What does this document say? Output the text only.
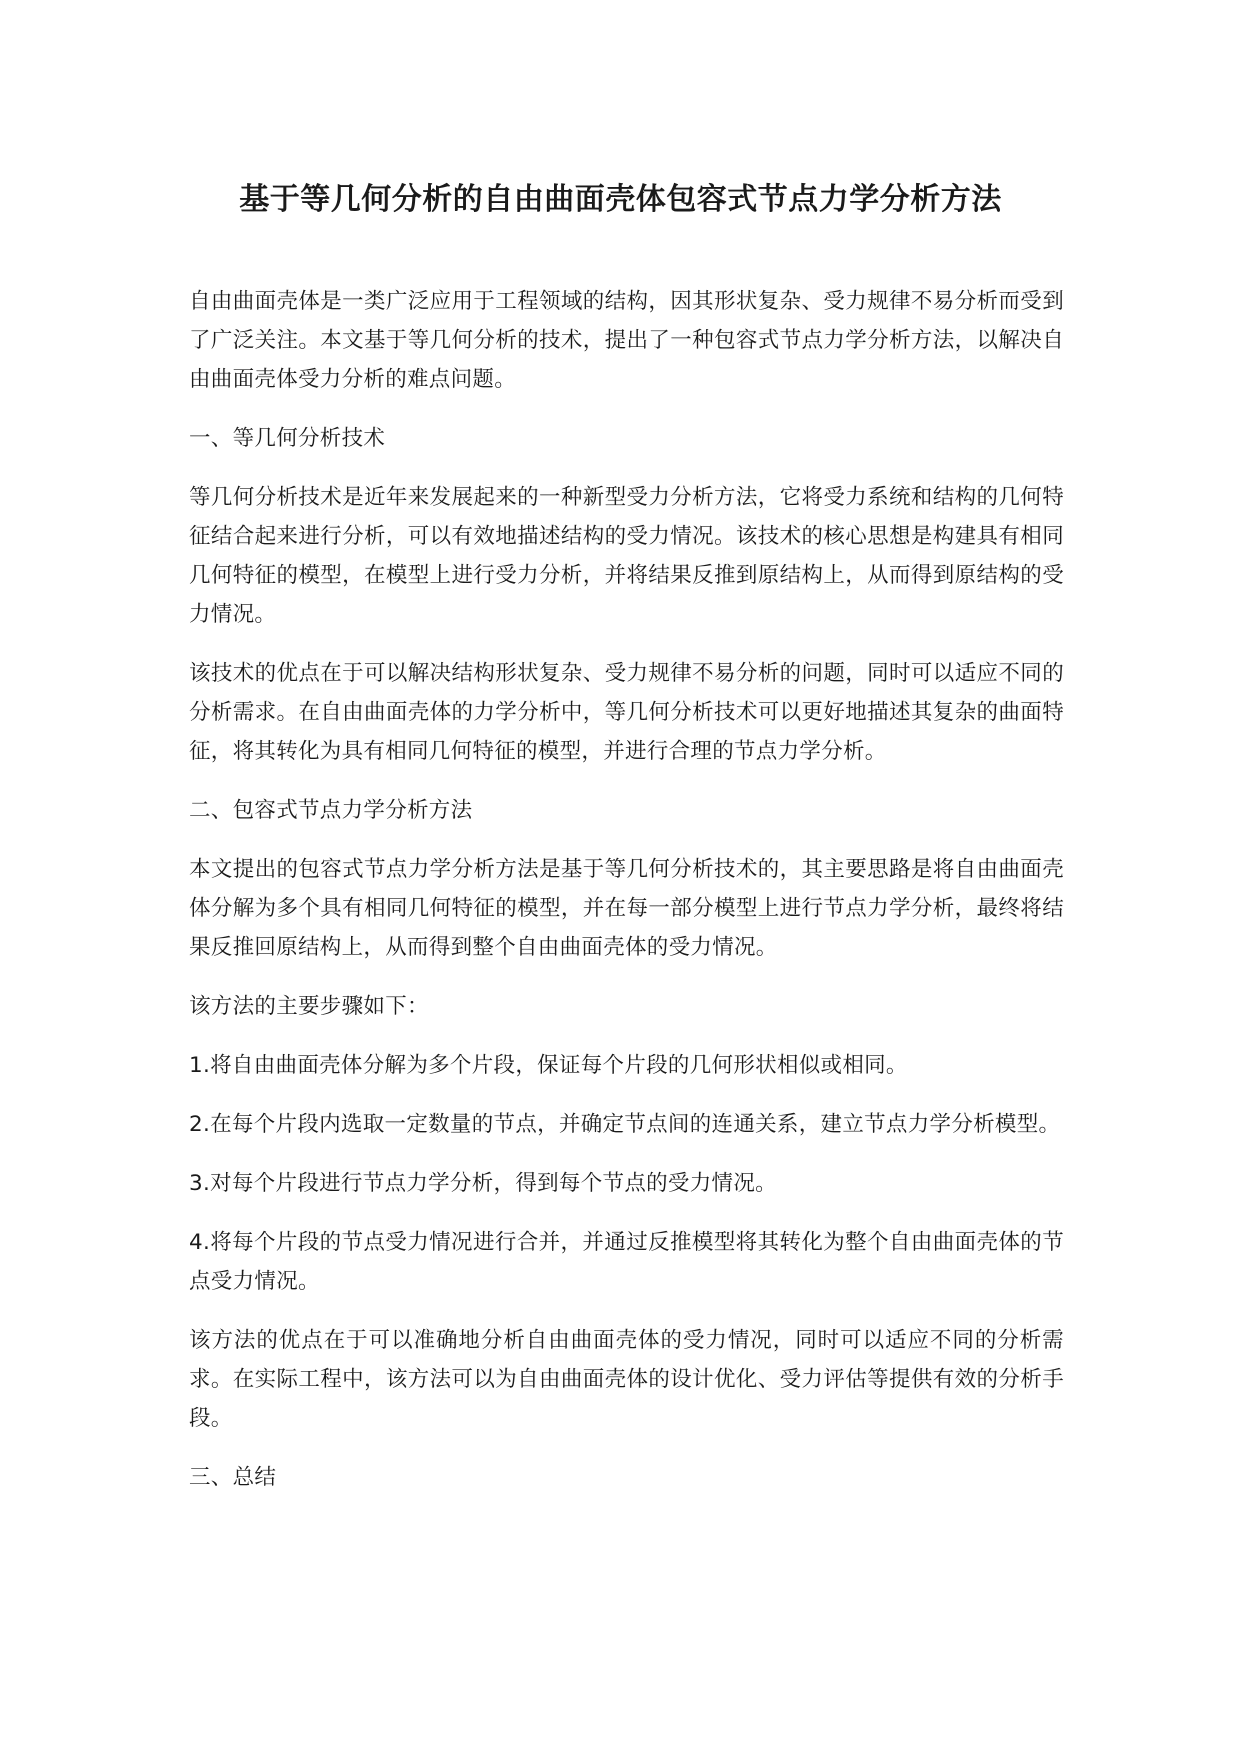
基于等几何分析的自由曲面壳体包容式节点力学分析方法

自由曲面壳体是一类广泛应用于工程领域的结构，因其形状复杂、受力规律不易分析而受到了广泛关注。本文基于等几何分析的技术，提出了一种包容式节点力学分析方法，以解决自由曲面壳体受力分析的难点问题。

一、等几何分析技术

等几何分析技术是近年来发展起来的一种新型受力分析方法，它将受力系统和结构的几何特征结合起来进行分析，可以有效地描述结构的受力情况。该技术的核心思想是构建具有相同几何特征的模型，在模型上进行受力分析，并将结果反推到原结构上，从而得到原结构的受力情况。

该技术的优点在于可以解决结构形状复杂、受力规律不易分析的问题，同时可以适应不同的分析需求。在自由曲面壳体的力学分析中，等几何分析技术可以更好地描述其复杂的曲面特征，将其转化为具有相同几何特征的模型，并进行合理的节点力学分析。

二、包容式节点力学分析方法

本文提出的包容式节点力学分析方法是基于等几何分析技术的，其主要思路是将自由曲面壳体分解为多个具有相同几何特征的模型，并在每一部分模型上进行节点力学分析，最终将结果反推回原结构上，从而得到整个自由曲面壳体的受力情况。

该方法的主要步骤如下：

1.将自由曲面壳体分解为多个片段，保证每个片段的几何形状相似或相同。

2.在每个片段内选取一定数量的节点，并确定节点间的连通关系，建立节点力学分析模型。

3.对每个片段进行节点力学分析，得到每个节点的受力情况。

4.将每个片段的节点受力情况进行合并，并通过反推模型将其转化为整个自由曲面壳体的节点受力情况。

该方法的优点在于可以准确地分析自由曲面壳体的受力情况，同时可以适应不同的分析需求。在实际工程中，该方法可以为自由曲面壳体的设计优化、受力评估等提供有效的分析手段。

三、总结
